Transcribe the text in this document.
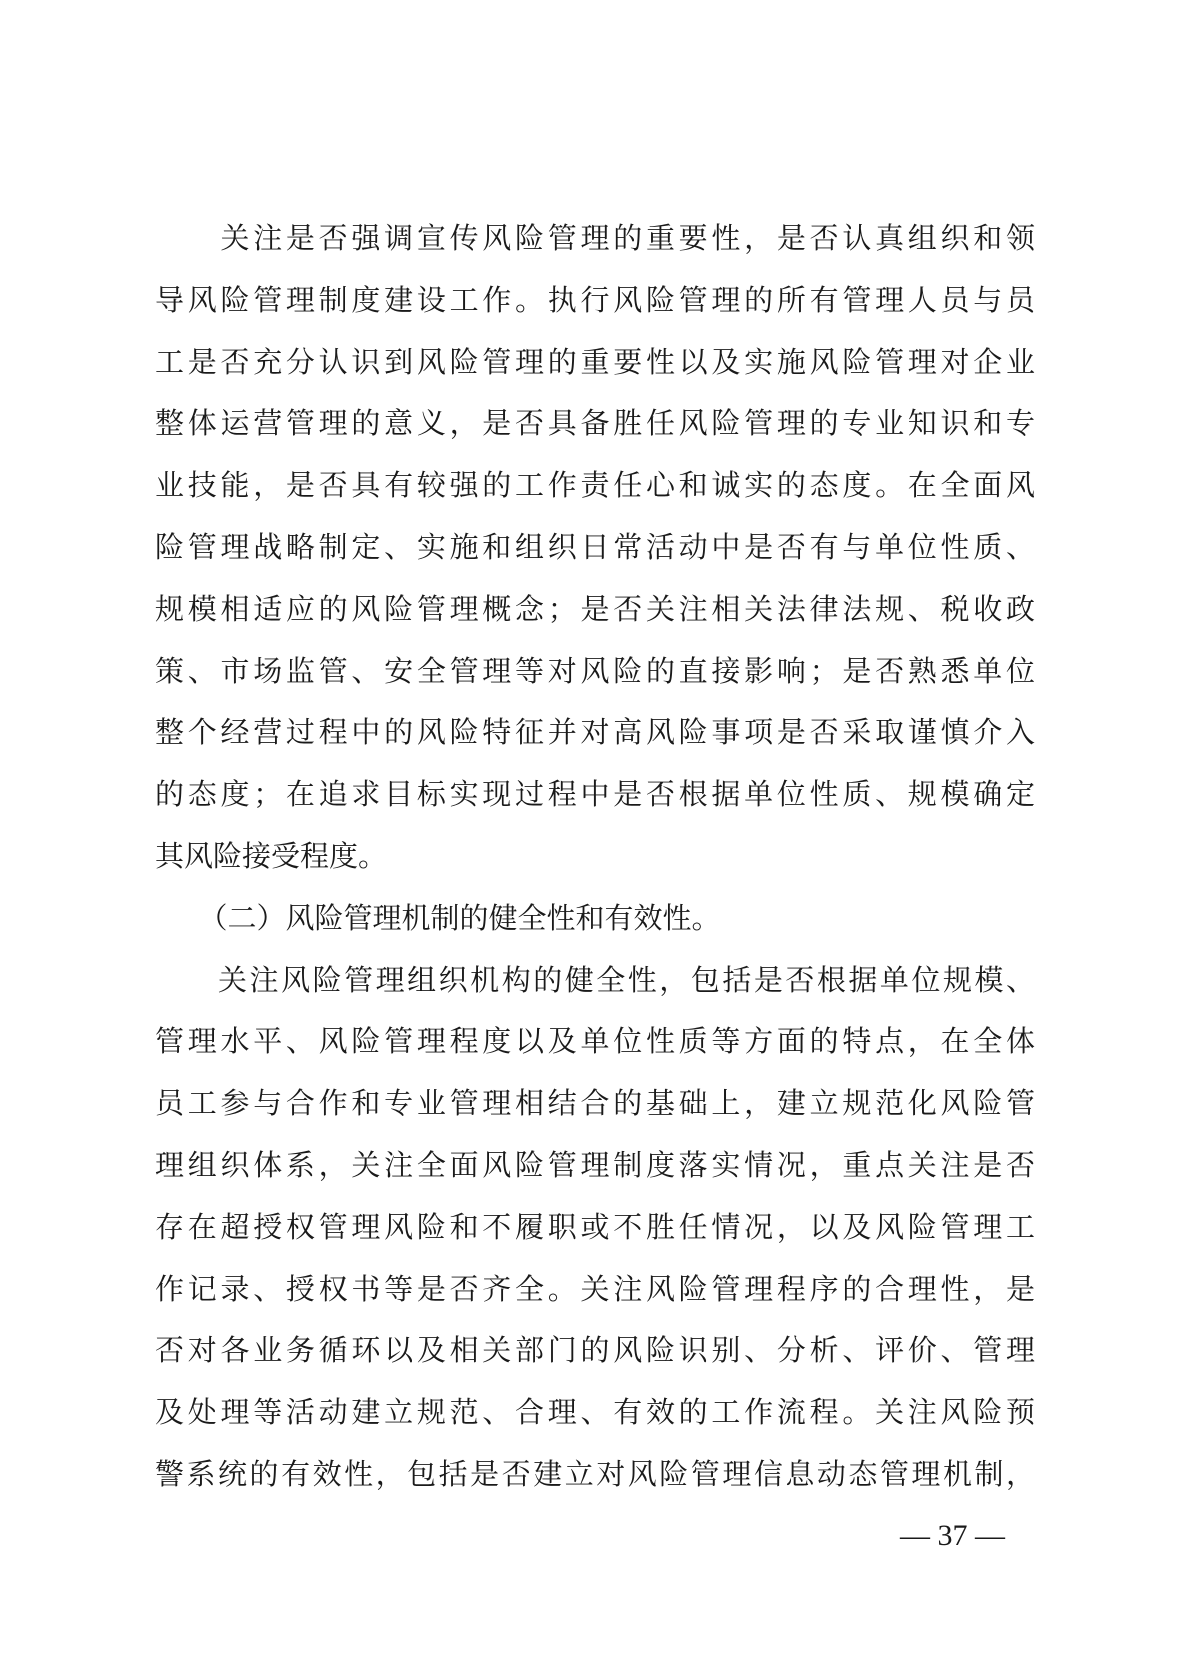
　　关注是否强调宣传风险管理的重要性，是否认真组织和领
导风险管理制度建设工作。执行风险管理的所有管理人员与员
工是否充分认识到风险管理的重要性以及实施风险管理对企业
整体运营管理的意义，是否具备胜任风险管理的专业知识和专
业技能，是否具有较强的工作责任心和诚实的态度。在全面风
险管理战略制定、实施和组织日常活动中是否有与单位性质、
规模相适应的风险管理概念；是否关注相关法律法规、税收政
策、市场监管、安全管理等对风险的直接影响；是否熟悉单位
整个经营过程中的风险特征并对高风险事项是否采取谨慎介入
的态度；在追求目标实现过程中是否根据单位性质、规模确定
其风险接受程度。
　　（二）风险管理机制的健全性和有效性。
　　关注风险管理组织机构的健全性，包括是否根据单位规模、
管理水平、风险管理程度以及单位性质等方面的特点，在全体
员工参与合作和专业管理相结合的基础上，建立规范化风险管
理组织体系，关注全面风险管理制度落实情况，重点关注是否
存在超授权管理风险和不履职或不胜任情况，以及风险管理工
作记录、授权书等是否齐全。关注风险管理程序的合理性，是
否对各业务循环以及相关部门的风险识别、分析、评价、管理
及处理等活动建立规范、合理、有效的工作流程。关注风险预
警系统的有效性，包括是否建立对风险管理信息动态管理机制，
— 37 —
